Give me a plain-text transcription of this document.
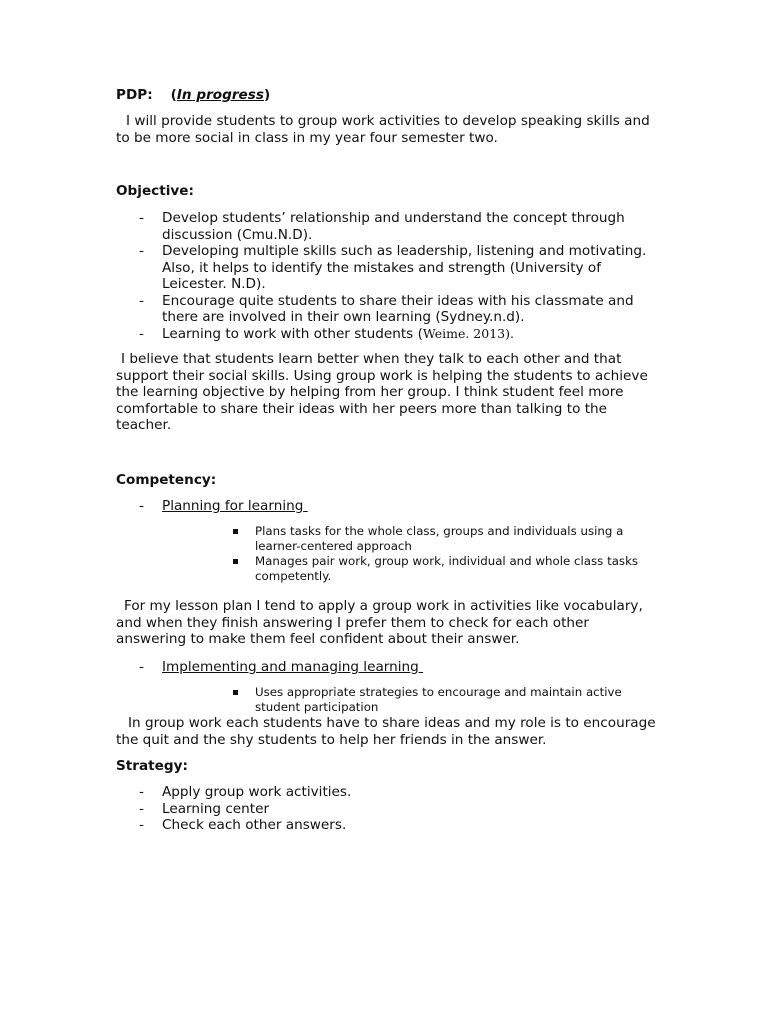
PDP: (In progress)

I will provide students to group work activities to develop speaking skills and to be more social in class in my year four semester two.

Objective:
- Develop students’ relationship and understand the concept through discussion (Cmu.N.D).
- Developing multiple skills such as leadership, listening and motivating. Also, it helps to identify the mistakes and strength (University of Leicester. N.D).
- Encourage quite students to share their ideas with his classmate and there are involved in their own learning (Sydney.n.d).
- Learning to work with other students (Weime. 2013).

I believe that students learn better when they talk to each other and that support their social skills. Using group work is helping the students to achieve the learning objective by helping from her group. I think student feel more comfortable to share their ideas with her peers more than talking to the teacher.

Competency:
- Planning for learning
Plans tasks for the whole class, groups and individuals using a learner-centered approach
Manages pair work, group work, individual and whole class tasks competently.

For my lesson plan I tend to apply a group work in activities like vocabulary, and when they finish answering I prefer them to check for each other answering to make them feel confident about their answer.

- Implementing and managing learning
Uses appropriate strategies to encourage and maintain active student participation

In group work each students have to share ideas and my role is to encourage the quit and the shy students to help her friends in the answer.

Strategy:
- Apply group work activities.
- Learning center
- Check each other answers.
